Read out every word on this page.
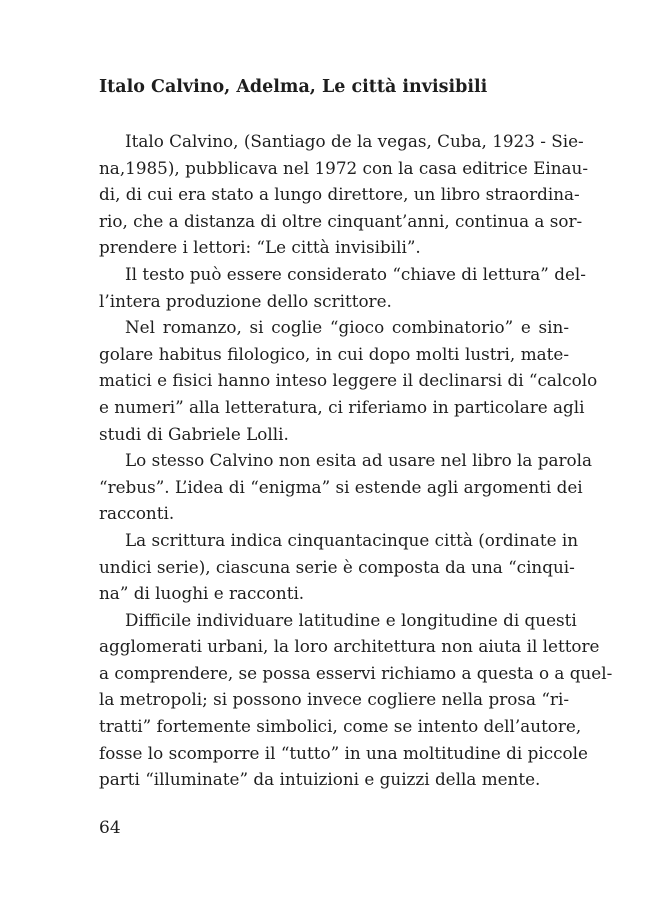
Italo Calvino, Adelma, Le città invisibili
Italo Calvino, (Santiago de la vegas, Cuba, 1923 - Sie-
na,1985), pubblicava nel 1972 con la casa editrice Einau-
di, di cui era stato a lungo direttore, un libro straordina-
rio, che a distanza di oltre cinquant’anni, continua a sor-
prendere i lettori: “Le città invisibili”.
Il testo può essere considerato “chiave di lettura” del-
l’intera produzione dello scrittore.
Nel romanzo, si coglie “gioco combinatorio” e sin-
golare habitus filologico, in cui dopo molti lustri, mate-
matici e fisici hanno inteso leggere il declinarsi di “calcolo
e numeri” alla letteratura, ci riferiamo in particolare agli
studi di Gabriele Lolli.
Lo stesso Calvino non esita ad usare nel libro la parola
“rebus”. L’idea di “enigma” si estende agli argomenti dei
racconti.
La scrittura indica cinquantacinque città (ordinate in
undici serie), ciascuna serie è composta da una “cinqui-
na” di luoghi e racconti.
Difficile individuare latitudine e longitudine di questi
agglomerati urbani, la loro architettura non aiuta il lettore
a comprendere, se possa esservi richiamo a questa o a quel-
la metropoli; si possono invece cogliere nella prosa “ri-
tratti” fortemente simbolici, come se intento dell’autore,
fosse lo scomporre il “tutto” in una moltitudine di piccole
parti “illuminate” da intuizioni e guizzi della mente.
64
